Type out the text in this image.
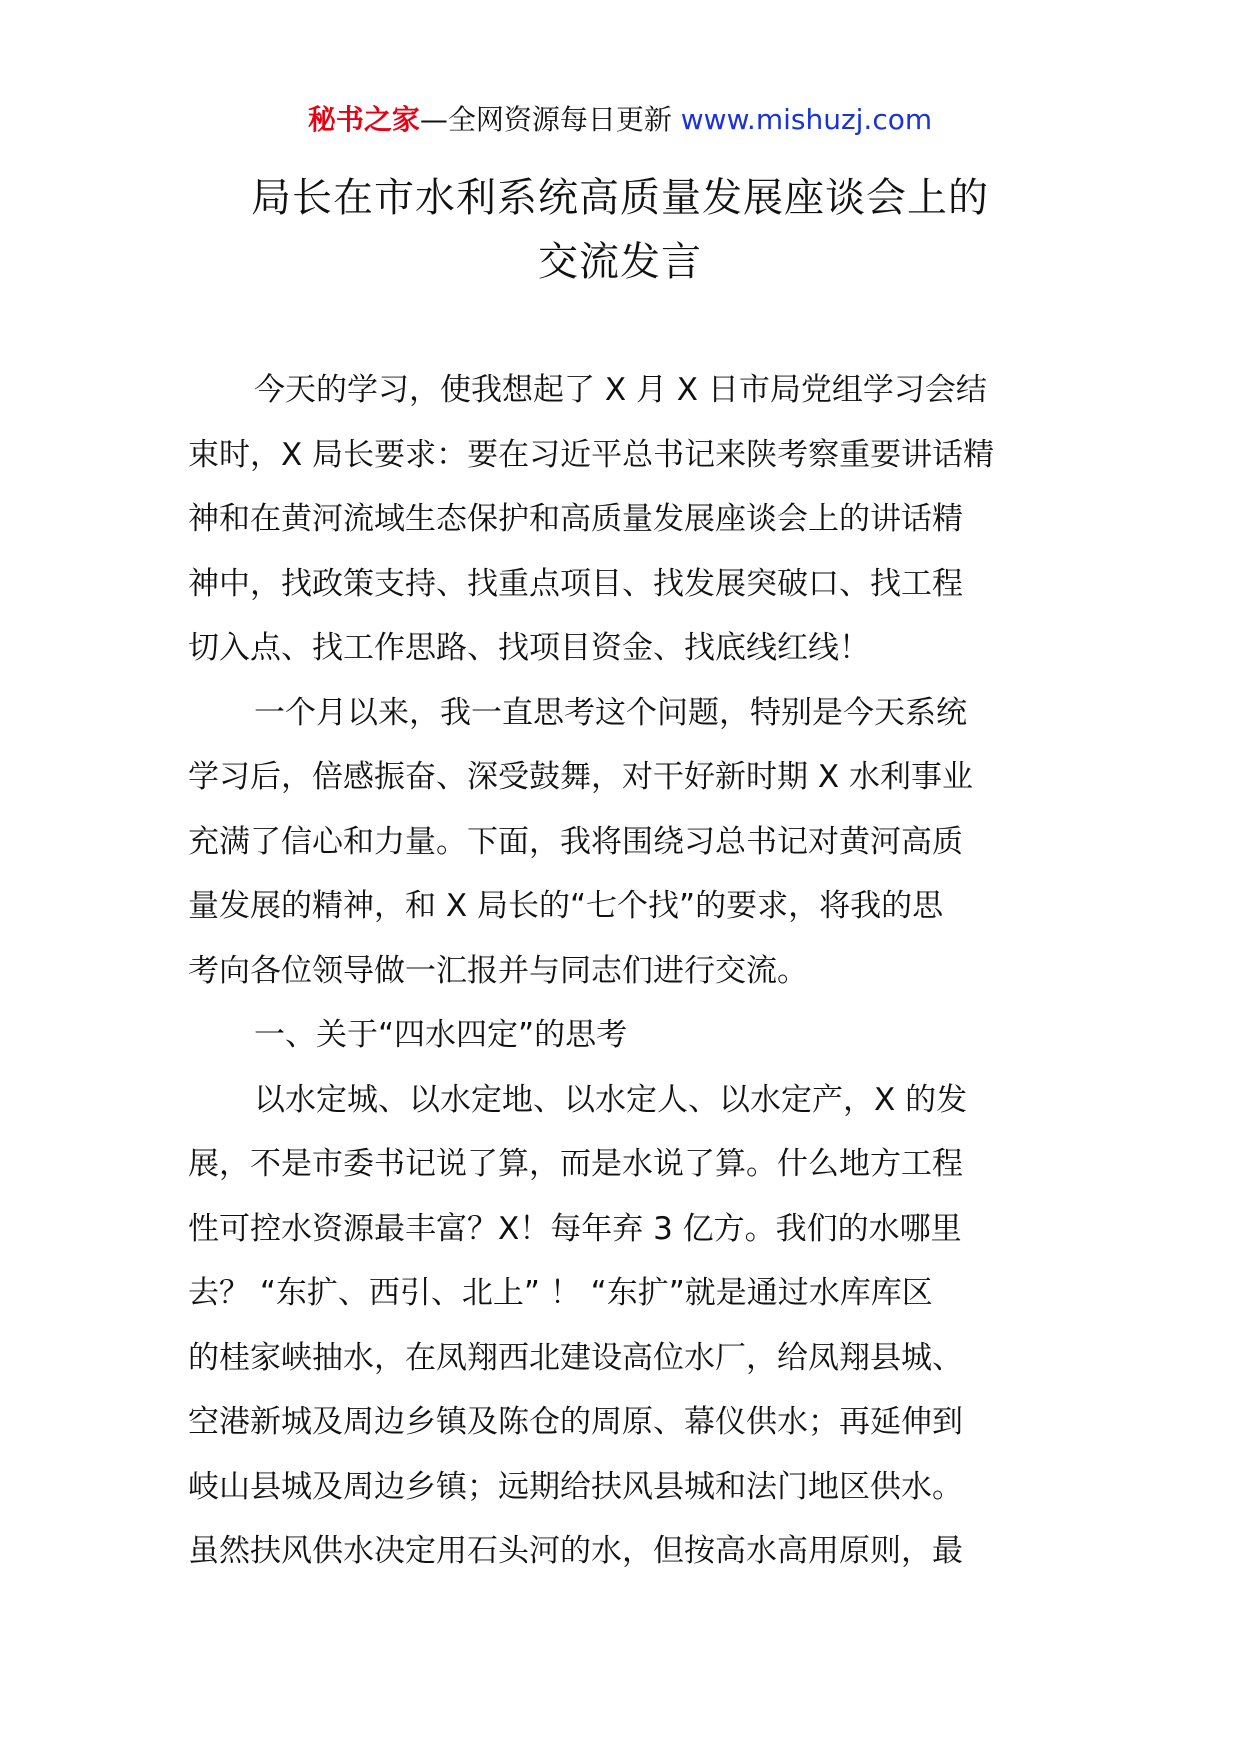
秘书之家—全网资源每日更新 www.mishuzj.com
局长在市水利系统高质量发展座谈会上的
交流发言

今天的学习，使我想起了 X 月 X 日市局党组学习会结
束时，X 局长要求：要在习近平总书记来陕考察重要讲话精
神和在黄河流域生态保护和高质量发展座谈会上的讲话精
神中，找政策支持、找重点项目、找发展突破口、找工程
切入点、找工作思路、找项目资金、找底线红线！

一个月以来，我一直思考这个问题，特别是今天系统
学习后，倍感振奋、深受鼓舞，对干好新时期 X 水利事业
充满了信心和力量。下面，我将围绕习总书记对黄河高质
量发展的精神，和 X 局长的“七个找”的要求，将我的思
考向各位领导做一汇报并与同志们进行交流。

一、关于“四水四定”的思考

以水定城、以水定地、以水定人、以水定产，X 的发
展，不是市委书记说了算，而是水说了算。什么地方工程
性可控水资源最丰富？X！每年弃 3 亿方。我们的水哪里
去？ “东扩、西引、北上” ！ “东扩”就是通过水库库区
的桂家峡抽水，在凤翔西北建设高位水厂，给凤翔县城、
空港新城及周边乡镇及陈仓的周原、幕仪供水；再延伸到
岐山县城及周边乡镇；远期给扶风县城和法门地区供水。
虽然扶风供水决定用石头河的水，但按高水高用原则，最
